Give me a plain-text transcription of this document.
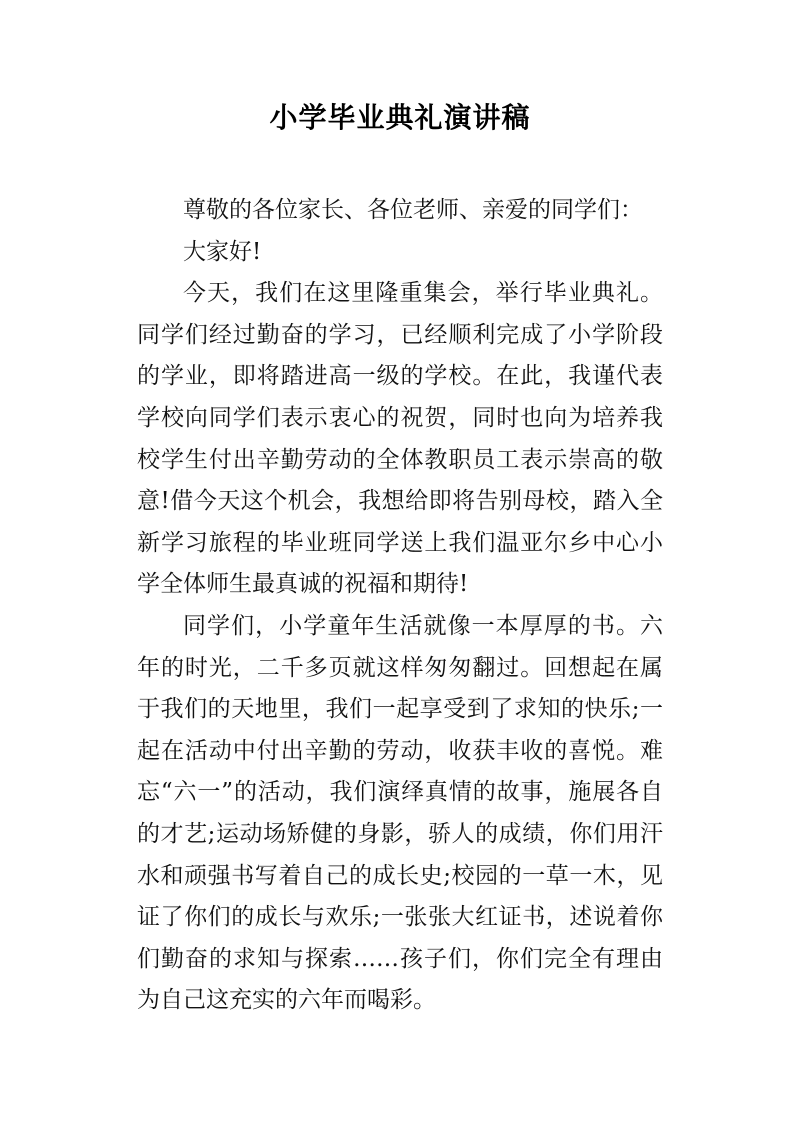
小学毕业典礼演讲稿

尊敬的各位家长、各位老师、亲爱的同学们：

大家好!

今天，我们在这里隆重集会，举行毕业典礼。同学们经过勤奋的学习，已经顺利完成了小学阶段的学业，即将踏进高一级的学校。在此，我谨代表学校向同学们表示衷心的祝贺，同时也向为培养我校学生付出辛勤劳动的全体教职员工表示崇高的敬意!借今天这个机会，我想给即将告别母校，踏入全新学习旅程的毕业班同学送上我们温亚尔乡中心小学全体师生最真诚的祝福和期待!

同学们，小学童年生活就像一本厚厚的书。六年的时光，二千多页就这样匆匆翻过。回想起在属于我们的天地里，我们一起享受到了求知的快乐;一起在活动中付出辛勤的劳动，收获丰收的喜悦。难忘“六一”的活动，我们演绎真情的故事，施展各自的才艺;运动场矫健的身影，骄人的成绩，你们用汗水和顽强书写着自己的成长史;校园的一草一木，见证了你们的成长与欢乐;一张张大红证书，述说着你们勤奋的求知与探索……孩子们，你们完全有理由为自己这充实的六年而喝彩。
